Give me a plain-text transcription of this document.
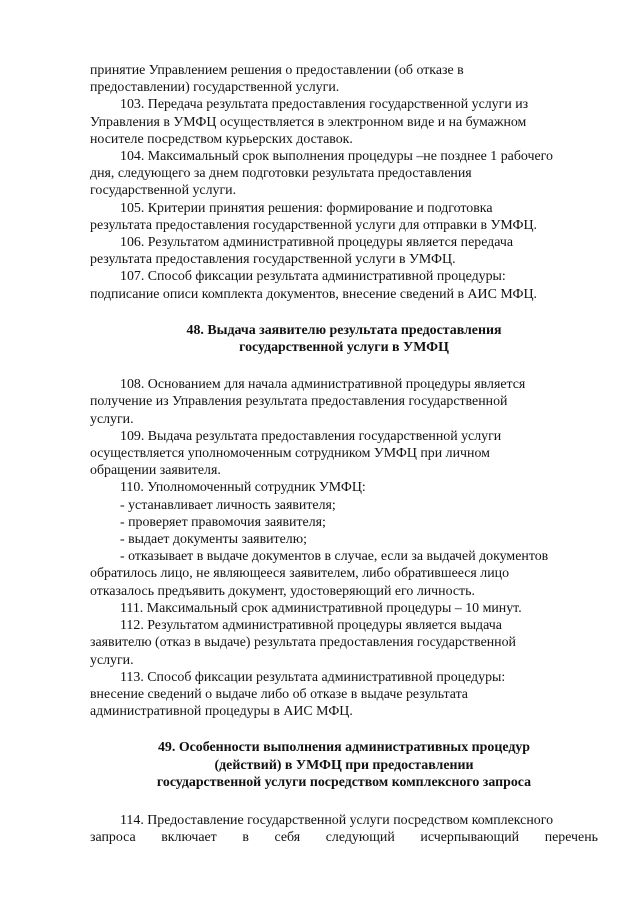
принятие Управлением решения о предоставлении (об отказе в

предоставлении) государственной услуги.

103. Передача результата предоставления государственной услуги из

Управления в УМФЦ осуществляется в электронном виде и на бумажном

носителе посредством курьерских доставок.

104. Максимальный срок выполнения процедуры –не позднее 1 рабочего

дня, следующего за днем подготовки результата предоставления

государственной услуги.

105. Критерии принятия решения: формирование и подготовка

результата предоставления государственной услуги для отправки в УМФЦ.

106. Результатом административной процедуры является передача

результата предоставления государственной услуги в УМФЦ.

107. Способ фиксации результата административной процедуры:

подписание описи комплекта документов, внесение сведений в АИС МФЦ.

48. Выдача заявителю результата предоставления
государственной услуги в УМФЦ

108. Основанием для начала административной процедуры является

получение из Управления результата предоставления государственной

услуги.

109. Выдача результата предоставления государственной услуги

осуществляется уполномоченным сотрудником УМФЦ при личном

обращении заявителя.

110. Уполномоченный сотрудник УМФЦ:

- устанавливает личность заявителя;

- проверяет правомочия заявителя;

- выдает документы заявителю;

- отказывает в выдаче документов в случае, если за выдачей документов

обратилось лицо, не являющееся заявителем, либо обратившееся лицо

отказалось предъявить документ, удостоверяющий его личность.

111. Максимальный срок административной процедуры – 10 минут.

112. Результатом административной процедуры является выдача

заявителю (отказ в выдаче) результата предоставления государственной

услуги.

113. Способ фиксации результата административной процедуры:

внесение сведений о выдаче либо об отказе в выдаче результата

административной процедуры в АИС МФЦ.

49. Особенности выполнения административных процедур
(действий) в УМФЦ при предоставлении
государственной услуги посредством комплексного запроса

114. Предоставление государственной услуги посредством комплексного

запроса включает в себя следующий исчерпывающий перечень
